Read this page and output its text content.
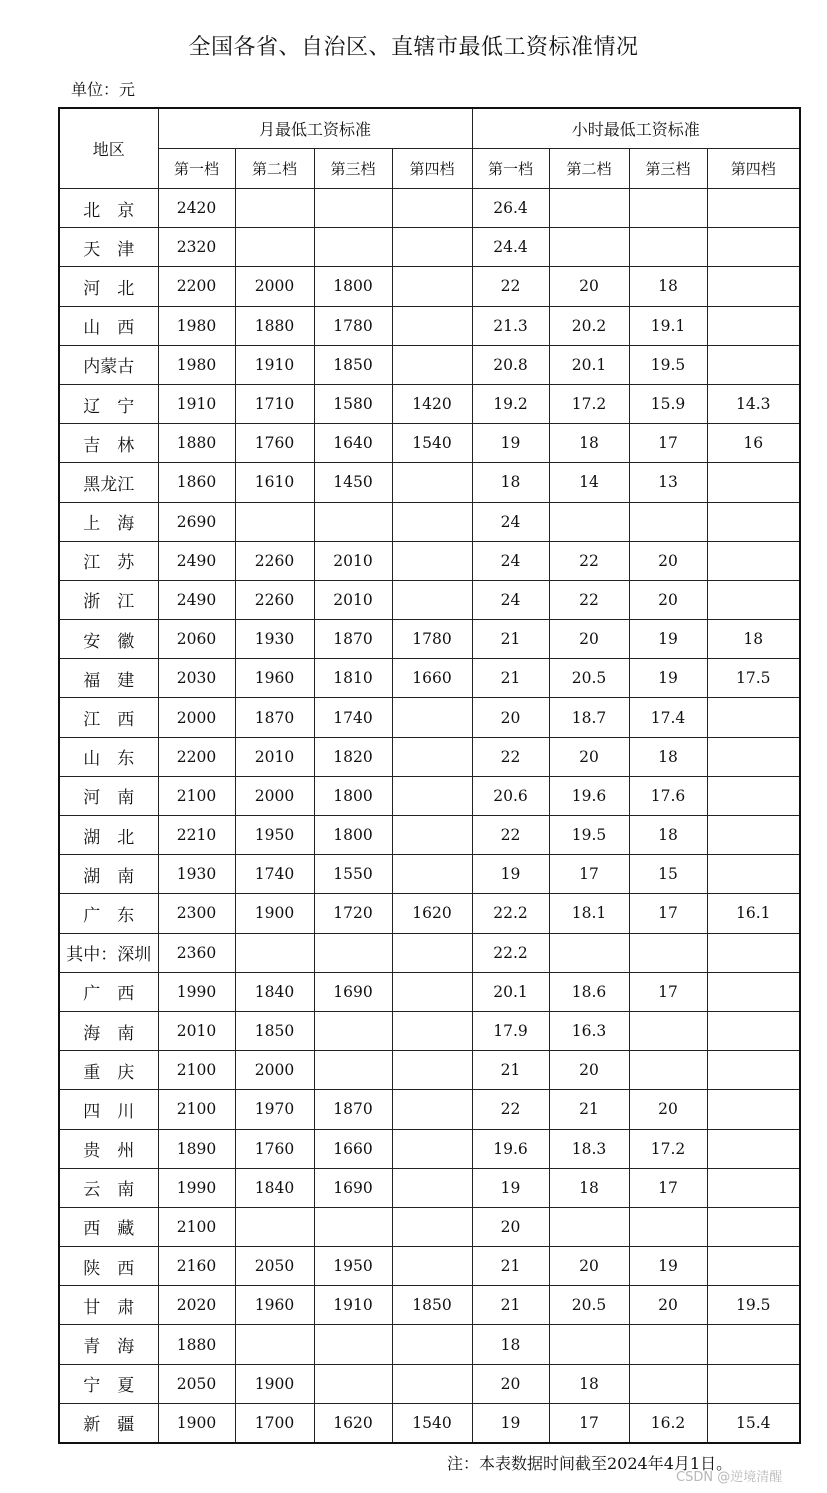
全国各省、自治区、直辖市最低工资标准情况
单位：元
地区	月最低工资标准				小时最低工资标准			
	第一档	第二档	第三档	第四档	第一档	第二档	第三档	第四档
北　京	2420				26.4			
天　津	2320				24.4			
河　北	2200	2000	1800		22	20	18	
山　西	1980	1880	1780		21.3	20.2	19.1	
内蒙古	1980	1910	1850		20.8	20.1	19.5	
辽　宁	1910	1710	1580	1420	19.2	17.2	15.9	14.3
吉　林	1880	1760	1640	1540	19	18	17	16
黑龙江	1860	1610	1450		18	14	13	
上　海	2690				24			
江　苏	2490	2260	2010		24	22	20	
浙　江	2490	2260	2010		24	22	20	
安　徽	2060	1930	1870	1780	21	20	19	18
福　建	2030	1960	1810	1660	21	20.5	19	17.5
江　西	2000	1870	1740		20	18.7	17.4	
山　东	2200	2010	1820		22	20	18	
河　南	2100	2000	1800		20.6	19.6	17.6	
湖　北	2210	1950	1800		22	19.5	18	
湖　南	1930	1740	1550		19	17	15	
广　东	2300	1900	1720	1620	22.2	18.1	17	16.1
其中：深圳	2360				22.2			
广　西	1990	1840	1690		20.1	18.6	17	
海　南	2010	1850			17.9	16.3		
重　庆	2100	2000			21	20		
四　川	2100	1970	1870		22	21	20	
贵　州	1890	1760	1660		19.6	18.3	17.2	
云　南	1990	1840	1690		19	18	17	
西　藏	2100				20			
陕　西	2160	2050	1950		21	20	19	
甘　肃	2020	1960	1910	1850	21	20.5	20	19.5
青　海	1880				18			
宁　夏	2050	1900			20	18		
新　疆	1900	1700	1620	1540	19	17	16.2	15.4
注：本表数据时间截至2024年4月1日。
CSDN @逆境清醒
